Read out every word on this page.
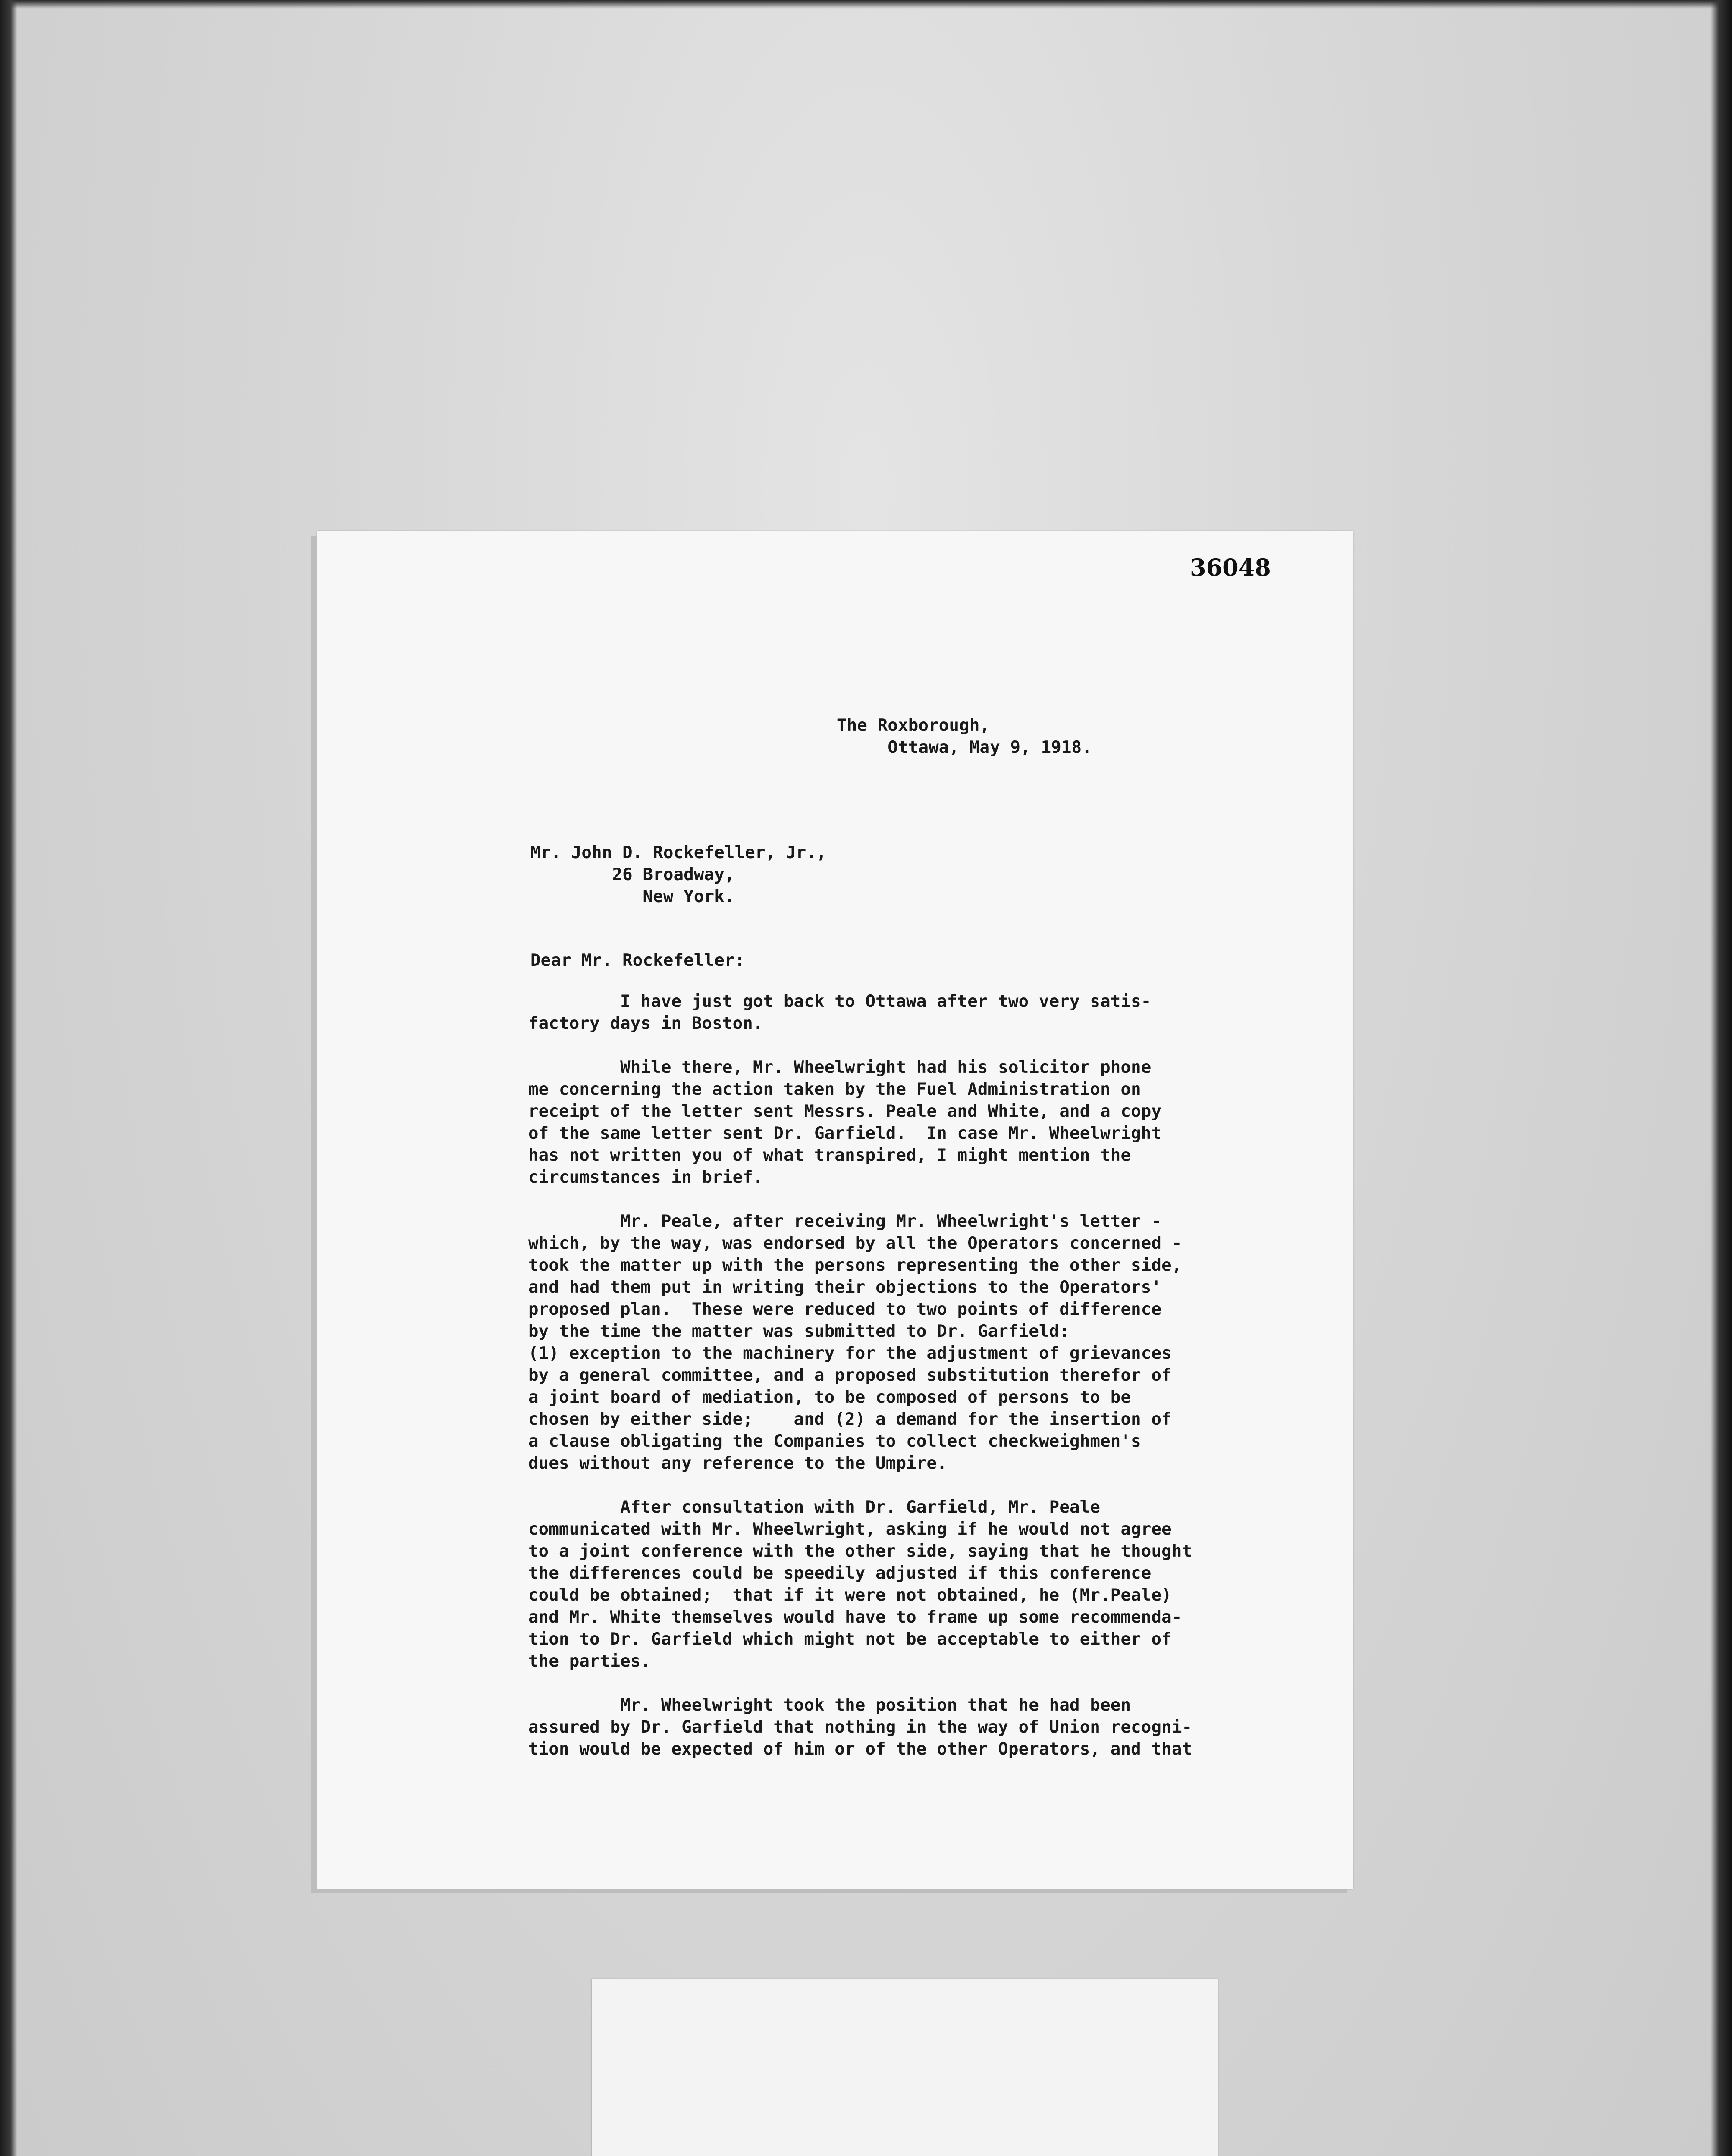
36048
The Roxborough,
Ottawa, May 9, 1918.
Mr. John D. Rockefeller, Jr.,
26 Broadway,
New York.
Dear Mr. Rockefeller:
I have just got back to Ottawa after two very satis-
factory days in Boston.

While there, Mr. Wheelwright had his solicitor phone
me concerning the action taken by the Fuel Administration on
receipt of the letter sent Messrs. Peale and White, and a copy
of the same letter sent Dr. Garfield.  In case Mr. Wheelwright
has not written you of what transpired, I might mention the
circumstances in brief.

Mr. Peale, after receiving Mr. Wheelwright's letter -
which, by the way, was endorsed by all the Operators concerned -
took the matter up with the persons representing the other side,
and had them put in writing their objections to the Operators'
proposed plan.  These were reduced to two points of difference
by the time the matter was submitted to Dr. Garfield:
(1) exception to the machinery for the adjustment of grievances
by a general committee, and a proposed substitution therefor of
a joint board of mediation, to be composed of persons to be
chosen by either side;    and (2) a demand for the insertion of
a clause obligating the Companies to collect checkweighmen's
dues without any reference to the Umpire.

After consultation with Dr. Garfield, Mr. Peale
communicated with Mr. Wheelwright, asking if he would not agree
to a joint conference with the other side, saying that he thought
the differences could be speedily adjusted if this conference
could be obtained;  that if it were not obtained, he (Mr.Peale)
and Mr. White themselves would have to frame up some recommenda-
tion to Dr. Garfield which might not be acceptable to either of
the parties.

Mr. Wheelwright took the position that he had been
assured by Dr. Garfield that nothing in the way of Union recogni-
tion would be expected of him or of the other Operators, and that
